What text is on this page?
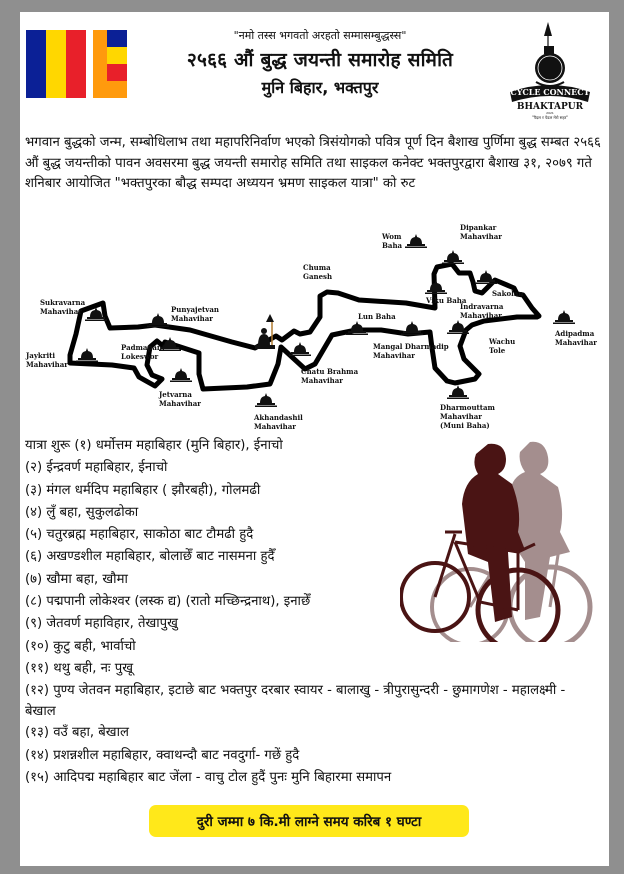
"नमो तस्स भगवतो अरहतो सम्मासम्बुद्धस्स"
२५६६ औं बुद्ध जयन्ती समारोह समिति
मुनि बिहार, भक्तपुर	CYCLE CONNECT
BHAKTAPUR
2021
"पैदल र पेडल मेरो सहर"
भगवान बुद्धको जन्म, सम्बोधिलाभ तथा महापरिनिर्वाण भएको त्रिसंयोगको पवित्र पूर्ण दिन बैशाख पुर्णिमा बुद्ध सम्बत २५६६ औं बुद्ध जयन्तीको पावन अवसरमा बुद्ध जयन्ती समारोह समिति तथा साइकल कनेक्ट भक्तपुरद्वारा बैशाख ३१, २०७९ गते शनिबार आयोजित "भक्तपुरका बौद्ध सम्पदा अध्ययन भ्रमण साइकल यात्रा" को रुट
Sukravarna Mahavihar
Jaykriti Mahavihar
Punyajetvan Mahavihar
Padmapani Lokeswor
Jetvarna Mahavihar
Akhandashil Mahavihar
Chatu Brahma Mahavihar
Chuma Ganesh
Lun Baha
Mangal Dharmadip Mahavihar
Wom Baha
Viku Baha
Dipankar Mahavihar
Sakolan
Indravarna Mahavihar
Wachu Tole
Adipadma Mahavihar
Dharmouttam Mahavihar (Muni Baha)
यात्रा शुरू (१) धर्मोत्तम महाबिहार (मुनि बिहार), ईनाचो
(२) ईन्द्रवर्ण महाबिहार, ईनाचो
(३) मंगल धर्मदिप महाबिहार ( झौरबही), गोलमढी
(४) लुँ बहा, सुकुलढोका
(५) चतुरब्रह्म महाबिहार, साकोठा बाट टौमढी हुदै
(६) अखण्डशील महाबिहार, बोलाछेँ बाट नासमना हुदैँ
(७) खौमा बहा, खौमा
(८) पद्मपानी लोकेश्वर (लस्क द्य) (रातो मच्छिन्द्रनाथ), इनाछेँ
(९) जेतवर्ण महाविहार, तेखापुखु
(१०) कुटु बही, भार्वाचो
(११) थथु बही, नः पुखू
(१२) पुण्य जेतवन महाबिहार, इटाछे बाट भक्तपुर दरबार स्वायर - बालाखु - त्रीपुरासुन्दरी - छुमागणेश - महालक्ष्मी - बेखाल
(१३) वउँ बहा, बेखाल
(१४) प्रशन्नशील महाबिहार, क्वाथन्दौ बाट नवदुर्गा- गछें हुदै
(१५) आदिपद्म महाबिहार बाट जेंला - वाचु टोल हुदैं पुनः मुनि बिहारमा समापन
दुरी जम्मा ७ कि.मी लाग्ने समय करिब १ घण्टा
